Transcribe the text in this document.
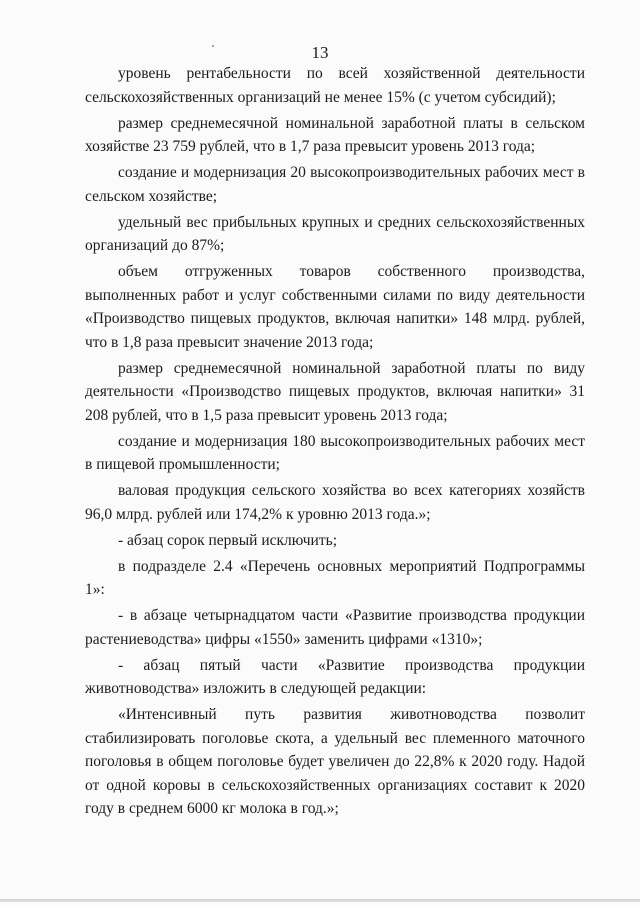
13

уровень рентабельности по всей хозяйственной деятельности сельскохозяйственных организаций не менее 15% (с учетом субсидий);

размер среднемесячной номинальной заработной платы в сельском хозяйстве 23 759 рублей, что в 1,7 раза превысит уровень 2013 года;

создание и модернизация 20 высокопроизводительных рабочих мест в сельском хозяйстве;

удельный вес прибыльных крупных и средних сельскохозяйственных организаций до 87%;

объем отгруженных товаров собственного производства, выполненных работ и услуг собственными силами по виду деятельности «Производство пищевых продуктов, включая напитки» 148 млрд. рублей, что в 1,8 раза превысит значение 2013 года;

размер среднемесячной номинальной заработной платы по виду деятельности «Производство пищевых продуктов, включая напитки» 31 208 рублей, что в 1,5 раза превысит уровень 2013 года;

создание и модернизация 180 высокопроизводительных рабочих мест в пищевой промышленности;

валовая продукция сельского хозяйства во всех категориях хозяйств 96,0 млрд. рублей или 174,2% к уровню 2013 года.»;

- абзац сорок первый исключить;

в подразделе 2.4 «Перечень основных мероприятий Подпрограммы 1»:

- в абзаце четырнадцатом части «Развитие производства продукции растениеводства» цифры «1550» заменить цифрами «1310»;

- абзац пятый части «Развитие производства продукции животноводства» изложить в следующей редакции:

«Интенсивный путь развития животноводства позволит стабилизировать поголовье скота, а удельный вес племенного маточного поголовья в общем поголовье будет увеличен до 22,8% к 2020 году. Надой от одной коровы в сельскохозяйственных организациях составит к 2020 году в среднем 6000 кг молока в год.»;
